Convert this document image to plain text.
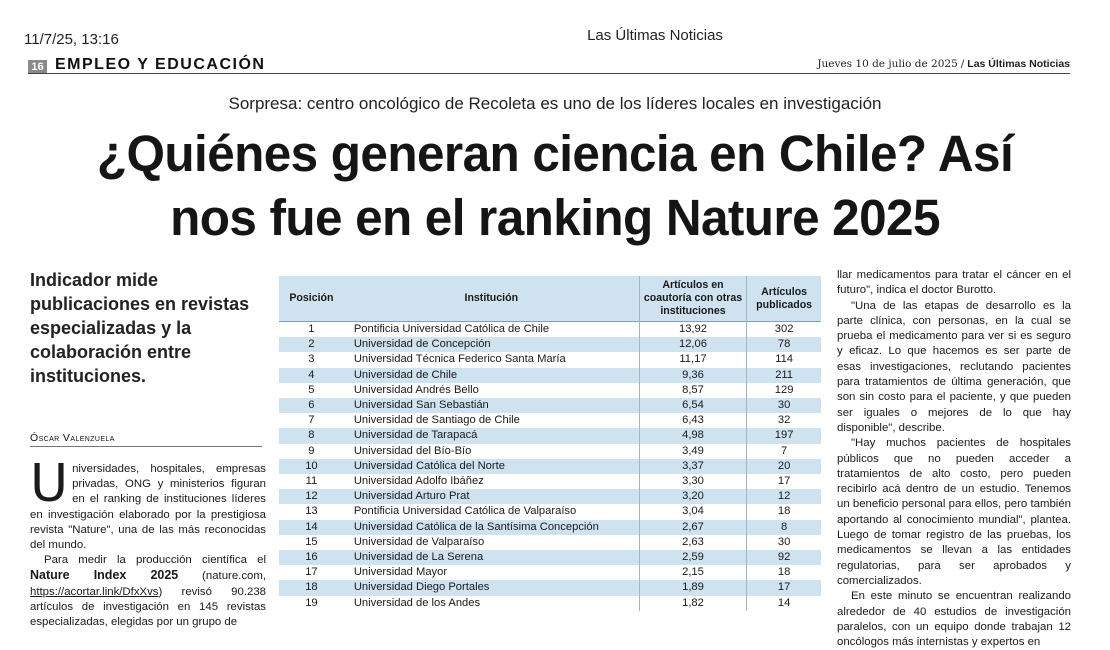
11/7/25, 13:16	Las Últimas Noticias
16 EMPLEO Y EDUCACIÓN	Jueves 10 de julio de 2025 / Las Últimas Noticias
Sorpresa: centro oncológico de Recoleta es uno de los líderes locales en investigación
¿Quiénes generan ciencia en Chile? Así
nos fue en el ranking Nature 2025
Indicador mide publicaciones en revistas especializadas y la colaboración entre instituciones.
Óscar Valenzuela

Universidades, hospitales, empresas privadas, ONG y ministerios figuran en el ranking de instituciones líderes en investigación elaborado por la prestigiosa revista "Nature", una de las más reconocidas del mundo.

Para medir la producción científica el Nature Index 2025 (nature.com, https://acortar.link/DfxXvs) revisó 90.238 artículos de investigación en 145 revistas especializadas, elegidas por un grupo de

Posición	Institución	Artículos en coautoría con otras instituciones	Artículos publicados
1	Pontificia Universidad Católica de Chile	13,92	302
2	Universidad de Concepción	12,06	78
3	Universidad Técnica Federico Santa María	11,17	114
4	Universidad de Chile	9,36	211
5	Universidad Andrés Bello	8,57	129
6	Universidad San Sebastián	6,54	30
7	Universidad de Santiago de Chile	6,43	32
8	Universidad de Tarapacá	4,98	197
9	Universidad del Bío-Bío	3,49	7
10	Universidad Católica del Norte	3,37	20
11	Universidad Adolfo Ibáñez	3,30	17
12	Universidad Arturo Prat	3,20	12
13	Pontificia Universidad Católica de Valparaíso	3,04	18
14	Universidad Católica de la Santísima Concepción	2,67	8
15	Universidad de Valparaíso	2,63	30
16	Universidad de La Serena	2,59	92
17	Universidad Mayor	2,15	18
18	Universidad Diego Portales	1,89	17
19	Universidad de los Andes	1,82	14

llar medicamentos para tratar el cáncer en el futuro", indica el doctor Burotto.

"Una de las etapas de desarrollo es la parte clínica, con personas, en la cual se prueba el medicamento para ver si es seguro y eficaz. Lo que hacemos es ser parte de esas investigaciones, reclutando pacientes para tratamientos de última generación, que son sin costo para el paciente, y que pueden ser iguales o mejores de lo que hay disponible", describe.

"Hay muchos pacientes de hospitales públicos que no pueden acceder a tratamientos de alto costo, pero pueden recibirlo acá dentro de un estudio. Tenemos un beneficio personal para ellos, pero también aportando al conocimiento mundial", plantea. Luego de tomar registro de las pruebas, los medicamentos se llevan a las entidades regulatorias, para ser aprobados y comercializados.

En este minuto se encuentran realizando alrededor de 40 estudios de investigación paralelos, con un equipo donde trabajan 12 oncólogos más internistas y expertos en
